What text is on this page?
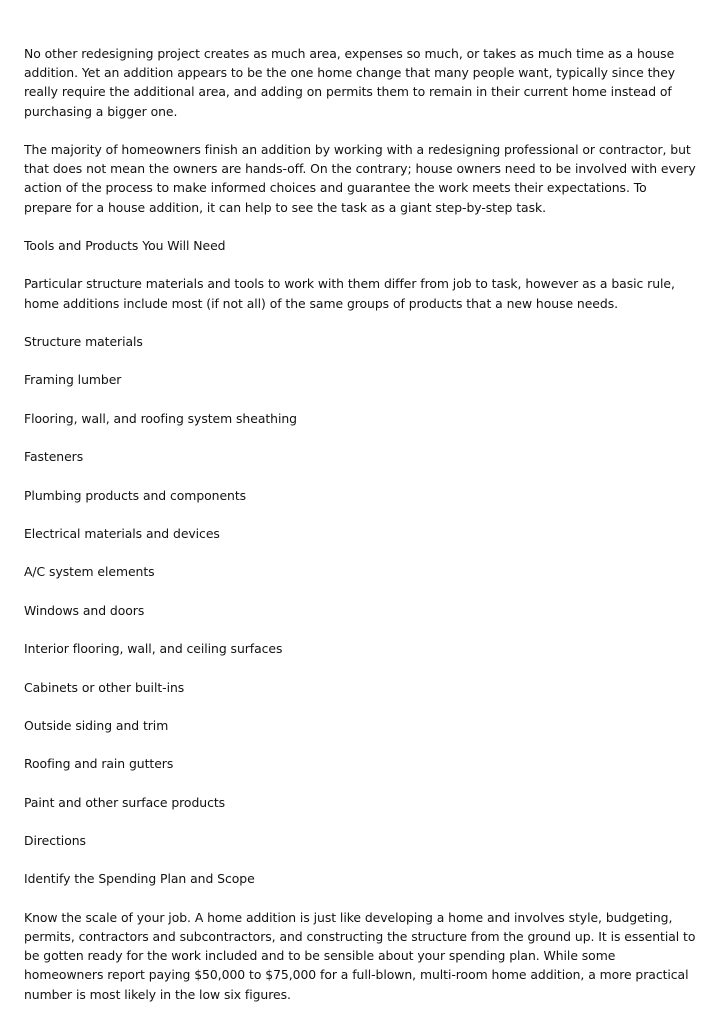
No other redesigning project creates as much area, expenses so much, or takes as much time as a house addition. Yet an addition appears to be the one home change that many people want, typically since they really require the additional area, and adding on permits them to remain in their current home instead of purchasing a bigger one.

The majority of homeowners finish an addition by working with a redesigning professional or contractor, but that does not mean the owners are hands-off. On the contrary; house owners need to be involved with every action of the process to make informed choices and guarantee the work meets their expectations. To prepare for a house addition, it can help to see the task as a giant step-by-step task.

Tools and Products You Will Need

Particular structure materials and tools to work with them differ from job to task, however as a basic rule, home additions include most (if not all) of the same groups of products that a new house needs.

Structure materials

Framing lumber

Flooring, wall, and roofing system sheathing

Fasteners

Plumbing products and components

Electrical materials and devices

A/C system elements

Windows and doors

Interior flooring, wall, and ceiling surfaces

Cabinets or other built-ins

Outside siding and trim

Roofing and rain gutters

Paint and other surface products

Directions

Identify the Spending Plan and Scope

Know the scale of your job. A home addition is just like developing a home and involves style, budgeting, permits, contractors and subcontractors, and constructing the structure from the ground up. It is essential to be gotten ready for the work included and to be sensible about your spending plan. While some homeowners report paying $50,000 to $75,000 for a full-blown, multi-room home addition, a more practical number is most likely in the low six figures.
